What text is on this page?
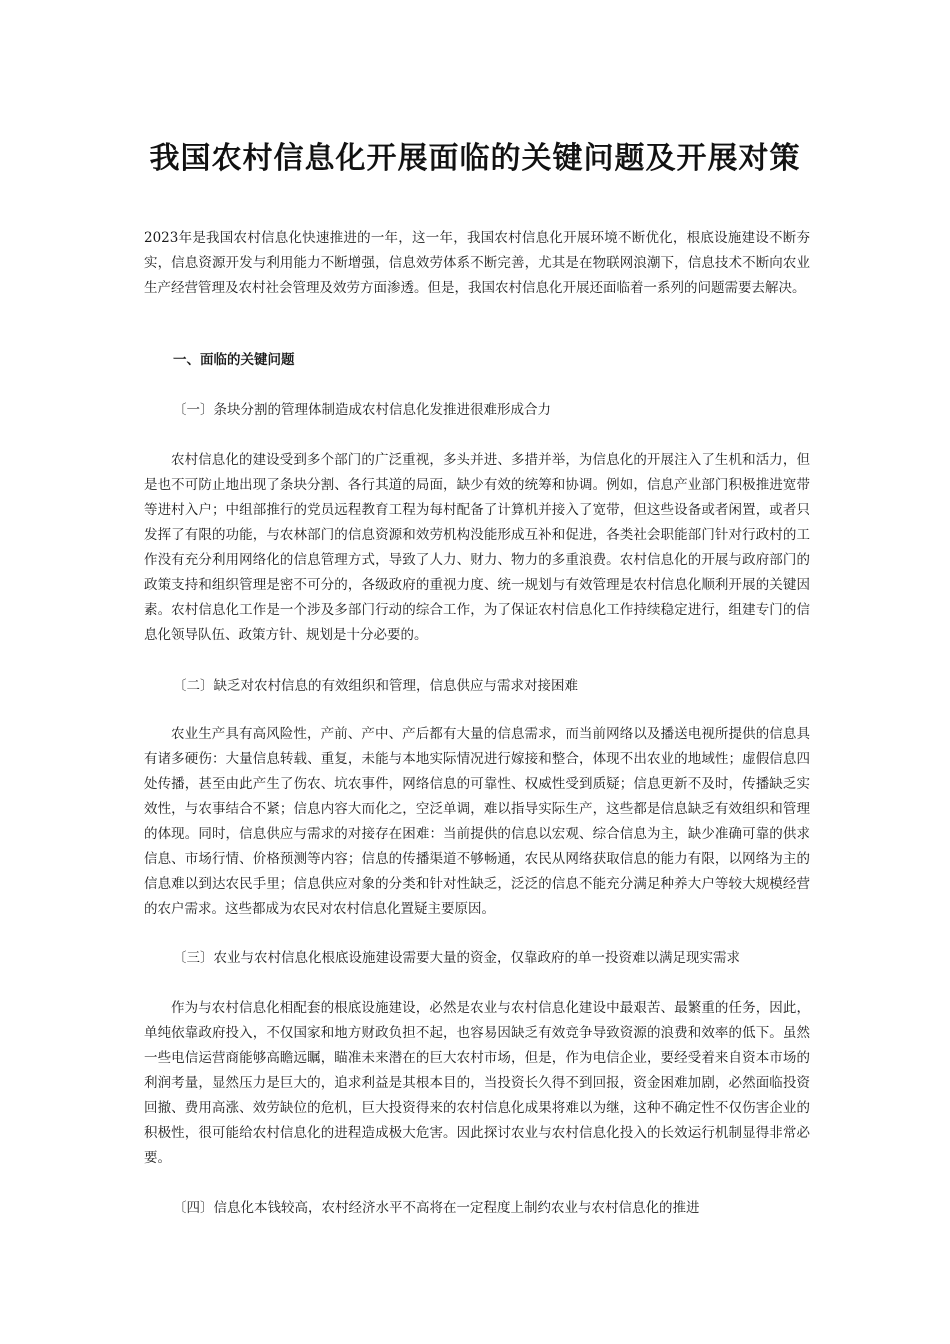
我国农村信息化开展面临的关键问题及开展对策

2023年是我国农村信息化快速推进的一年，这一年，我国农村信息化开展环境不断优化，根底设施建设不断夯实，信息资源开发与利用能力不断增强，信息效劳体系不断完善，尤其是在物联网浪潮下，信息技术不断向农业生产经营管理及农村社会管理及效劳方面渗透。但是，我国农村信息化开展还面临着一系列的问题需要去解决。

一、面临的关键问题

〔一〕条块分割的管理体制造成农村信息化发推进很难形成合力

农村信息化的建设受到多个部门的广泛重视，多头并进、多措并举，为信息化的开展注入了生机和活力，但是也不可防止地出现了条块分割、各行其道的局面，缺少有效的统筹和协调。例如，信息产业部门积极推进宽带等进村入户；中组部推行的党员远程教育工程为每村配备了计算机并接入了宽带，但这些设备或者闲置，或者只发挥了有限的功能，与农林部门的信息资源和效劳机构没能形成互补和促进，各类社会职能部门针对行政村的工作没有充分利用网络化的信息管理方式，导致了人力、财力、物力的多重浪费。农村信息化的开展与政府部门的政策支持和组织管理是密不可分的，各级政府的重视力度、统一规划与有效管理是农村信息化顺利开展的关键因素。农村信息化工作是一个涉及多部门行动的综合工作，为了保证农村信息化工作持续稳定进行，组建专门的信息化领导队伍、政策方针、规划是十分必要的。

〔二〕缺乏对农村信息的有效组织和管理，信息供应与需求对接困难

农业生产具有高风险性，产前、产中、产后都有大量的信息需求，而当前网络以及播送电视所提供的信息具有诸多硬伤：大量信息转载、重复，未能与本地实际情况进行嫁接和整合，体现不出农业的地域性；虚假信息四处传播，甚至由此产生了伤农、坑农事件，网络信息的可靠性、权威性受到质疑；信息更新不及时，传播缺乏实效性，与农事结合不紧；信息内容大而化之，空泛单调，难以指导实际生产，这些都是信息缺乏有效组织和管理的体现。同时，信息供应与需求的对接存在困难：当前提供的信息以宏观、综合信息为主，缺少准确可靠的供求信息、市场行情、价格预测等内容；信息的传播渠道不够畅通，农民从网络获取信息的能力有限，以网络为主的信息难以到达农民手里；信息供应对象的分类和针对性缺乏，泛泛的信息不能充分满足种养大户等较大规模经营的农户需求。这些都成为农民对农村信息化置疑主要原因。

〔三〕农业与农村信息化根底设施建设需要大量的资金，仅靠政府的单一投资难以满足现实需求

作为与农村信息化相配套的根底设施建设，必然是农业与农村信息化建设中最艰苦、最繁重的任务，因此，单纯依靠政府投入，不仅国家和地方财政负担不起，也容易因缺乏有效竞争导致资源的浪费和效率的低下。虽然一些电信运营商能够高瞻远瞩，瞄准未来潜在的巨大农村市场，但是，作为电信企业，要经受着来自资本市场的利润考量，显然压力是巨大的，追求利益是其根本目的，当投资长久得不到回报，资金困难加剧，必然面临投资回撤、费用高涨、效劳缺位的危机，巨大投资得来的农村信息化成果将难以为继，这种不确定性不仅伤害企业的积极性，很可能给农村信息化的进程造成极大危害。因此探讨农业与农村信息化投入的长效运行机制显得非常必要。

〔四〕信息化本钱较高，农村经济水平不高将在一定程度上制约农业与农村信息化的推进
